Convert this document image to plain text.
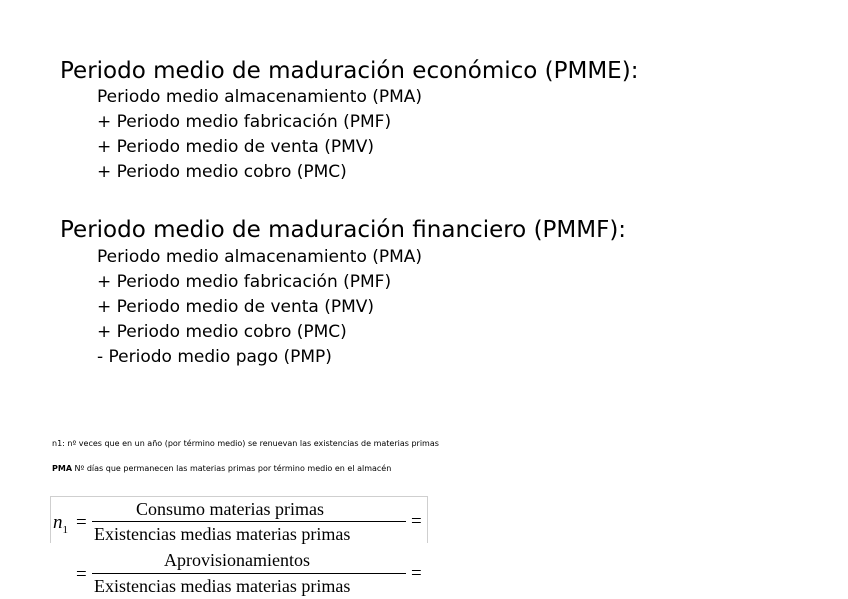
Periodo medio de maduración económico (PMME):
Periodo medio almacenamiento (PMA)
+ Periodo medio fabricación (PMF)
+ Periodo medio de venta (PMV)
+ Periodo medio cobro (PMC)
Periodo medio de maduración financiero (PMMF):
Periodo medio almacenamiento (PMA)
+ Periodo medio fabricación (PMF)
+ Periodo medio de venta (PMV)
+ Periodo medio cobro (PMC)
- Periodo medio pago (PMP)
n1: nº veces que en un año (por término medio) se renuevan las existencias de materias primas
PMA Nº días que permanecen las materias primas por término medio en el almacén
$n_1$ =
Consumo materias primas
Existencias medias materias primas
=
=
Aprovisionamientos
Existencias medias materias primas
=
